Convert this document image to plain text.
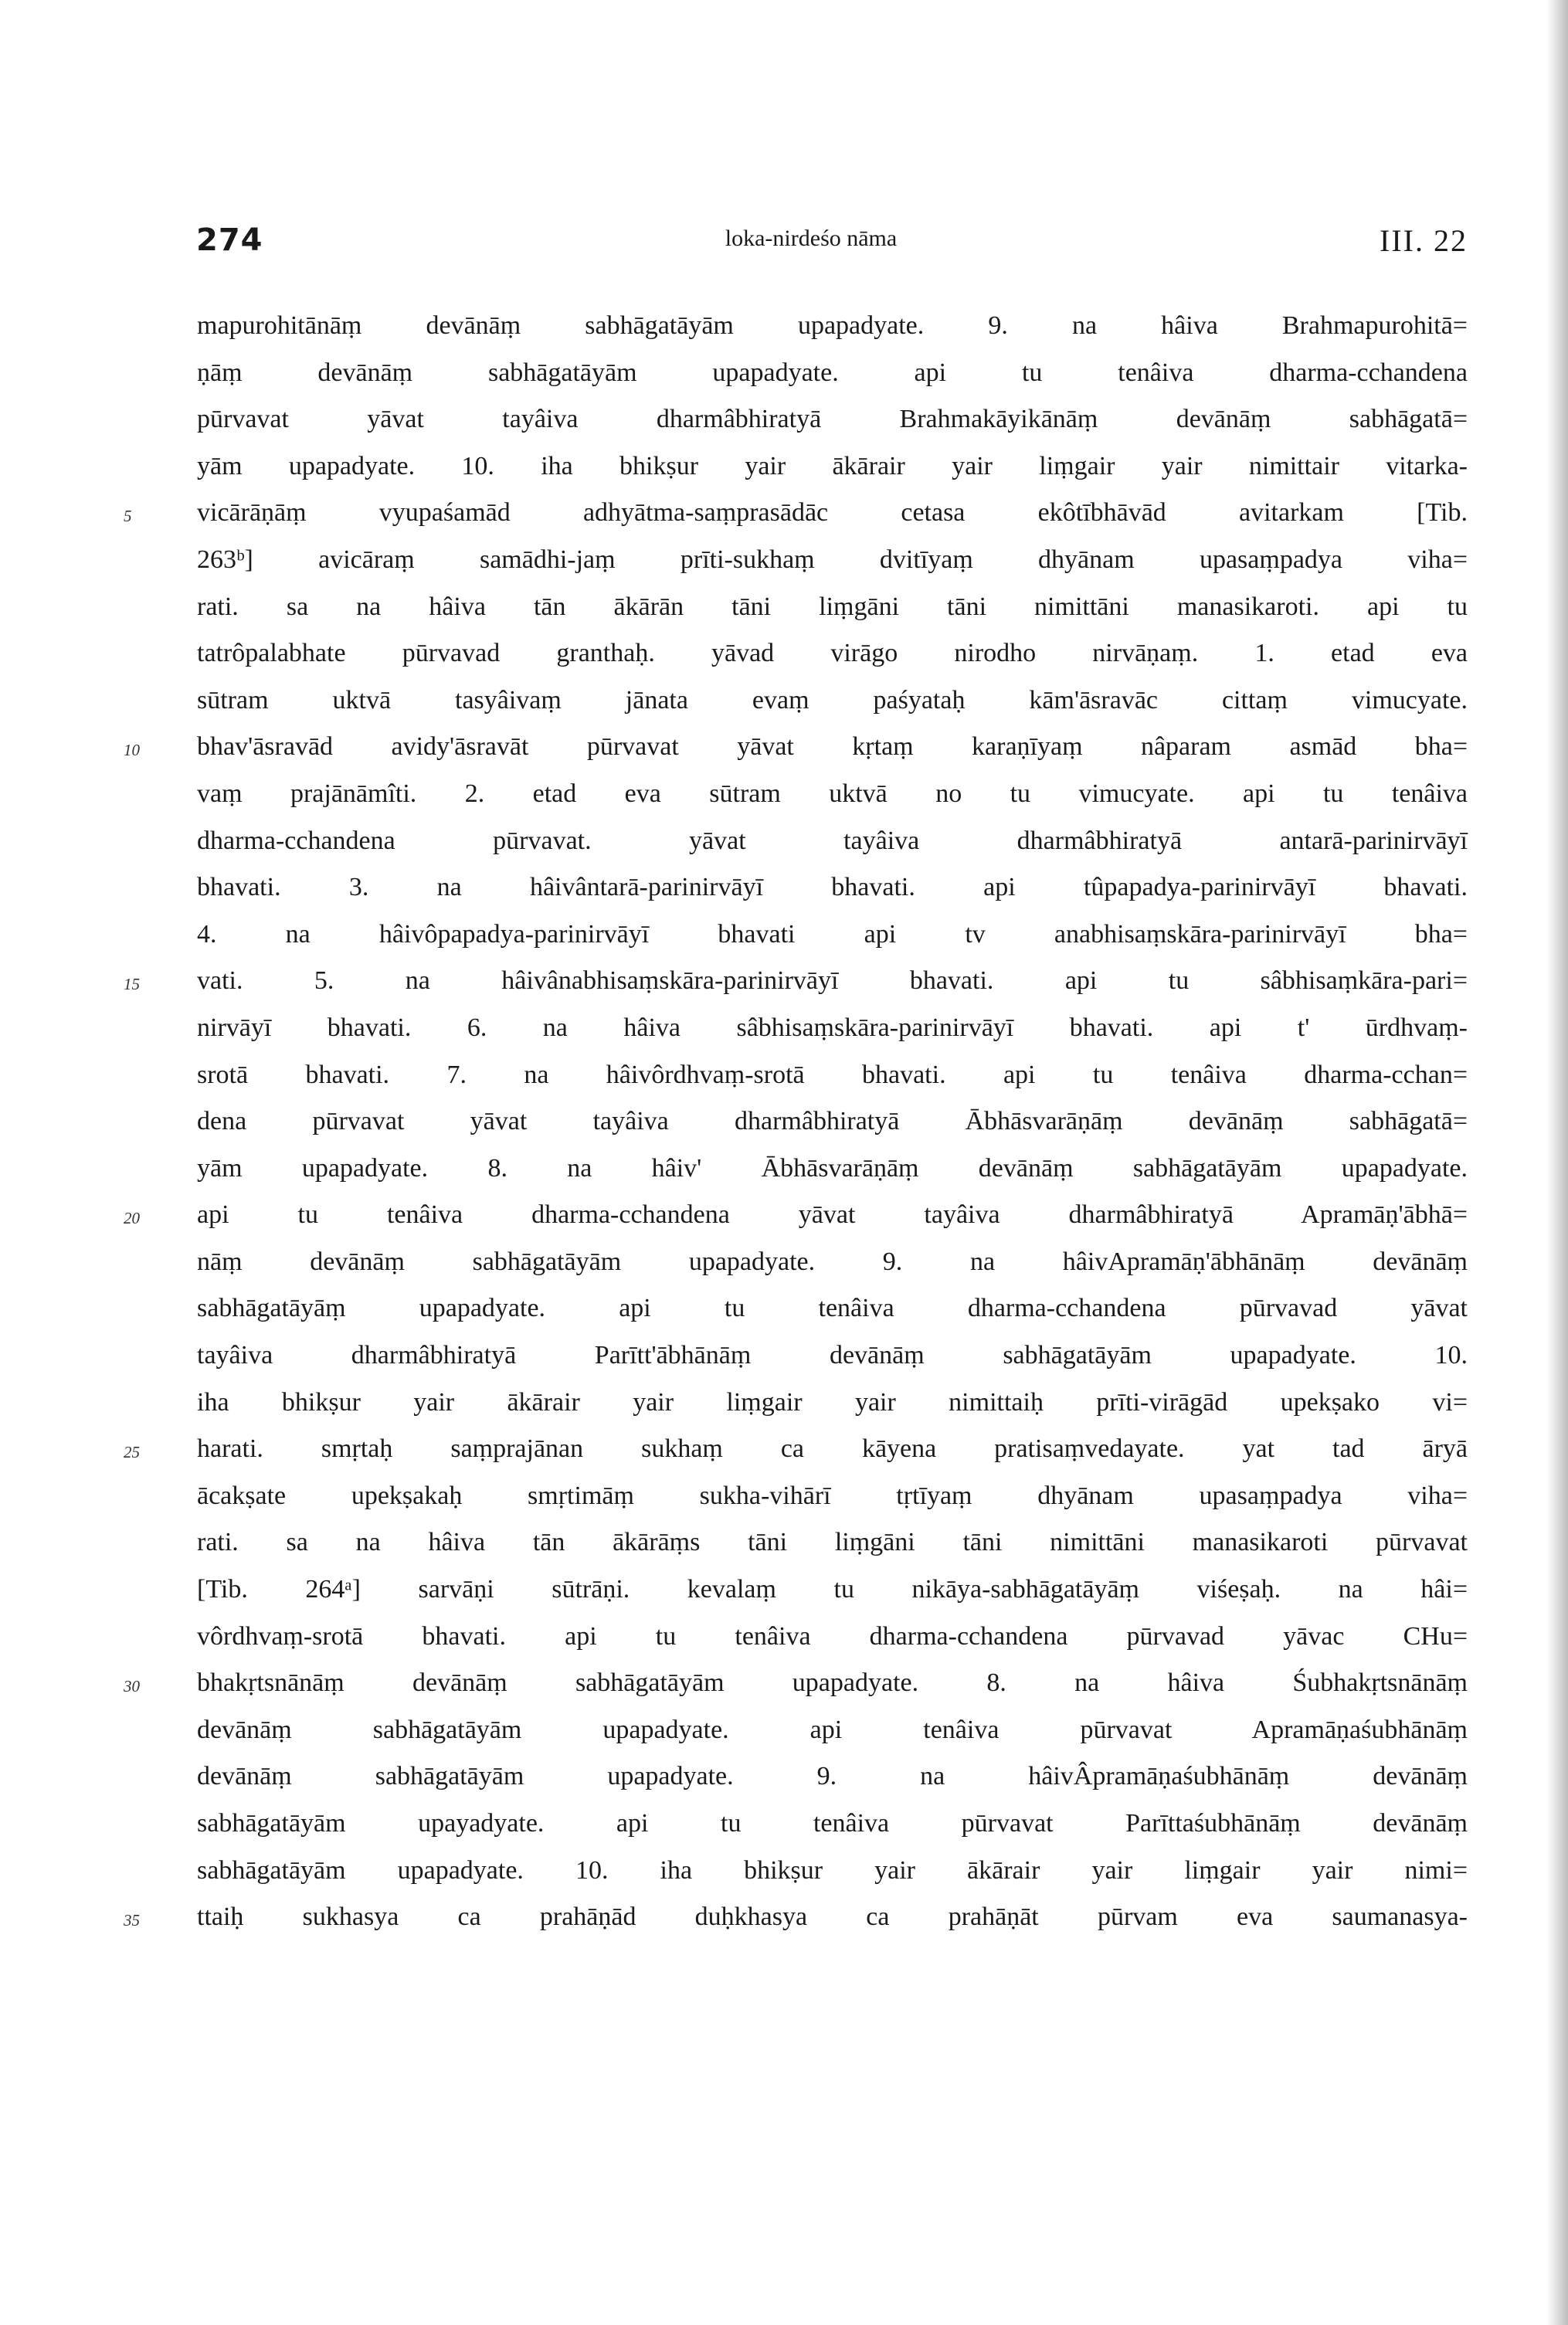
274	loka-nirdeśo nāma	III. 22
mapurohitānāṃ devānāṃ sabhāgatāyām upapadyate. 9. na hâiva Brahmapurohitā=
ṇāṃ devānāṃ sabhāgatāyām upapadyate. api tu tenâiva dharma-cchandena
pūrvavat yāvat tayâiva dharmâbhiratyā Brahmakāyikānāṃ devānāṃ sabhāgatā=
yām upapadyate. 10. iha bhikṣur yair ākārair yair liṃgair yair nimittair vitarka-
5	vicārāṇāṃ vyupaśamād adhyātma-saṃprasādāc cetasa ekôtībhāvād avitarkam [Tib.
263ᵇ] avicāraṃ samādhi-jaṃ prīti-sukhaṃ dvitīyaṃ dhyānam upasaṃpadya viha=
rati. sa na hâiva tān ākārān tāni liṃgāni tāni nimittāni manasikaroti. api tu
tatrôpalabhate pūrvavad granthaḥ. yāvad virāgo nirodho nirvāṇaṃ. 1. etad eva
sūtram uktvā tasyâivaṃ jānata evaṃ paśyataḥ kām'āsravāc cittaṃ vimucyate.
10	bhav'āsravād avidy'āsravāt pūrvavat yāvat kṛtaṃ karaṇīyaṃ nâparam asmād bha=
vaṃ prajānāmîti. 2. etad eva sūtram uktvā no tu vimucyate. api tu tenâiva
dharma-cchandena pūrvavat. yāvat tayâiva dharmâbhiratyā antarā-parinirvāyī
bhavati. 3. na hâivântarā-parinirvāyī bhavati. api tûpapadya-parinirvāyī bhavati.
4. na hâivôpapadya-parinirvāyī bhavati api tv anabhisaṃskāra-parinirvāyī bha=
15	vati. 5. na hâivânabhisaṃskāra-parinirvāyī bhavati. api tu sâbhisaṃkāra-pari=
nirvāyī bhavati. 6. na hâiva sâbhisaṃskāra-parinirvāyī bhavati. api t' ūrdhvaṃ-
srotā bhavati. 7. na hâivôrdhvaṃ-srotā bhavati. api tu tenâiva dharma-cchan=
dena pūrvavat yāvat tayâiva dharmâbhiratyā Ābhāsvarāṇāṃ devānāṃ sabhāgatā=
yām upapadyate. 8. na hâiv' Ābhāsvarāṇāṃ devānāṃ sabhāgatāyām upapadyate.
20	api tu tenâiva dharma-cchandena yāvat tayâiva dharmâbhiratyā Apramāṇ'ābhā=
nāṃ devānāṃ sabhāgatāyām upapadyate. 9. na hâivApramāṇ'ābhānāṃ devānāṃ
sabhāgatāyāṃ upapadyate. api tu tenâiva dharma-cchandena pūrvavad yāvat
tayâiva dharmâbhiratyā Parītt'ābhānāṃ devānāṃ sabhāgatāyām upapadyate. 10.
iha bhikṣur yair ākārair yair liṃgair yair nimittaiḥ prīti-virāgād upekṣako vi=
25	harati. smṛtaḥ saṃprajānan sukhaṃ ca kāyena pratisaṃvedayate. yat tad āryā
ācakṣate upekṣakaḥ smṛtimāṃ sukha-vihārī tṛtīyaṃ dhyānam upasaṃpadya viha=
rati. sa na hâiva tān ākārāṃs tāni liṃgāni tāni nimittāni manasikaroti pūrvavat
[Tib. 264ᵃ] sarvāṇi sūtrāṇi. kevalaṃ tu nikāya-sabhāgatāyāṃ viśeṣaḥ. na hâi=
vôrdhvaṃ-srotā bhavati. api tu tenâiva dharma-cchandena pūrvavad yāvac CHu=
30	bhakṛtsnānāṃ devānāṃ sabhāgatāyām upapadyate. 8. na hâiva Śubhakṛtsnānāṃ
devānāṃ sabhāgatāyām upapadyate. api tenâiva pūrvavat Apramāṇaśubhānāṃ
devānāṃ sabhāgatāyām upapadyate. 9. na hâivÂpramāṇaśubhānāṃ devānāṃ
sabhāgatāyām upayadyate. api tu tenâiva pūrvavat Parīttaśubhānāṃ devānāṃ
sabhāgatāyām upapadyate. 10. iha bhikṣur yair ākārair yair liṃgair yair nimi=
35	ttaiḥ sukhasya ca prahāṇād duḥkhasya ca prahāṇāt pūrvam eva saumanasya-
